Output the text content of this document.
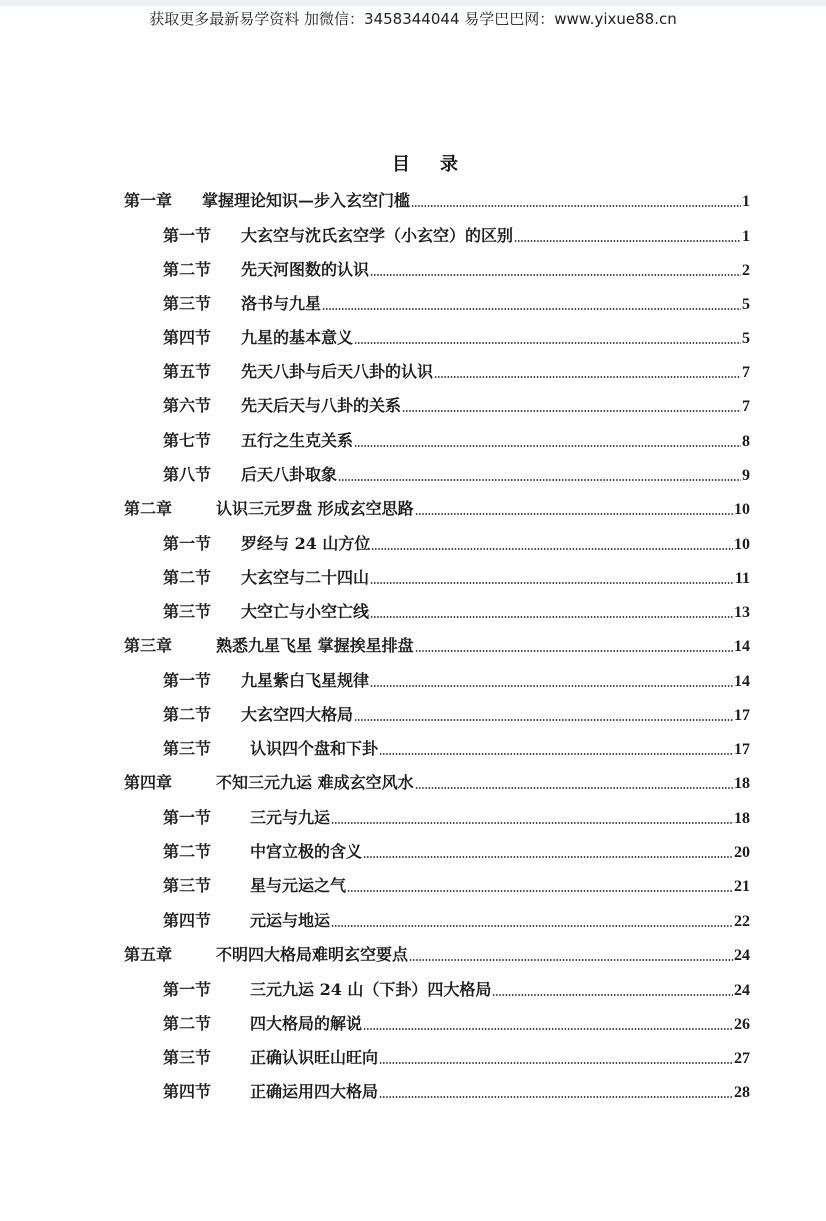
获取更多最新易学资料 加微信：3458344044 易学巴巴网：www.yixue88.cn
目录
第一章	掌握理论知识—步入玄空门槛	1
第一节	大玄空与沈氏玄空学（小玄空）的区别	1
第二节	先天河图数的认识	2
第三节	洛书与九星	5
第四节	九星的基本意义	5
第五节	先天八卦与后天八卦的认识	7
第六节	先天后天与八卦的关系	7
第七节	五行之生克关系	8
第八节	后天八卦取象	9
第二章	认识三元罗盘 形成玄空思路	10
第一节	罗经与 24 山方位	10
第二节	大玄空与二十四山	11
第三节	大空亡与小空亡线	13
第三章	熟悉九星飞星 掌握挨星排盘	14
第一节	九星紫白飞星规律	14
第二节	大玄空四大格局	17
第三节	认识四个盘和下卦	17
第四章	不知三元九运 难成玄空风水	18
第一节	三元与九运	18
第二节	中宫立极的含义	20
第三节	星与元运之气	21
第四节	元运与地运	22
第五章	不明四大格局难明玄空要点	24
第一节	三元九运 24 山（下卦）四大格局	24
第二节	四大格局的解说	26
第三节	正确认识旺山旺向	27
第四节	正确运用四大格局	28
